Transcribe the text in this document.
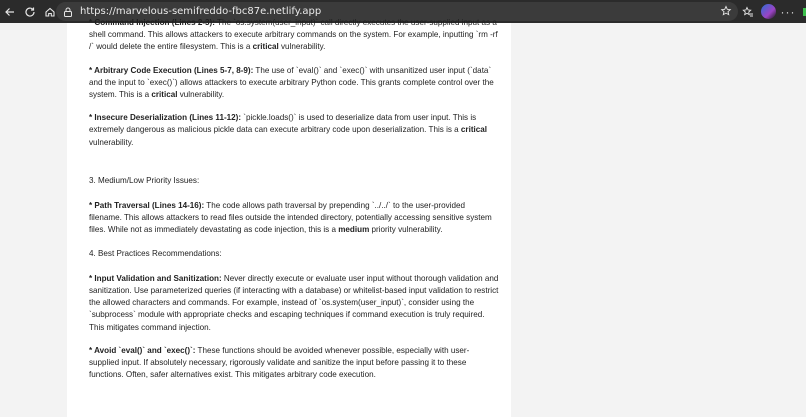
https://marvelous-semifreddo-fbc87e.netlify.app	···

* Command Injection (Lines 2-3): The `os.system(user_input)` call directly executes the user-supplied input as a shell command. This allows attackers to execute arbitrary commands on the system. For example, inputting `rm -rf /` would delete the entire filesystem. This is a critical vulnerability.

* Arbitrary Code Execution (Lines 5-7, 8-9): The use of `eval()` and `exec()` with unsanitized user input (`data` and the input to `exec()`) allows attackers to execute arbitrary Python code. This grants complete control over the system. This is a critical vulnerability.

* Insecure Deserialization (Lines 11-12): `pickle.loads()` is used to deserialize data from user input. This is extremely dangerous as malicious pickle data can execute arbitrary code upon deserialization. This is a critical vulnerability.

3. Medium/Low Priority Issues:

* Path Traversal (Lines 14-16): The code allows path traversal by prepending `../../` to the user-provided filename. This allows attackers to read files outside the intended directory, potentially accessing sensitive system files. While not as immediately devastating as code injection, this is a medium priority vulnerability.

4. Best Practices Recommendations:

* Input Validation and Sanitization: Never directly execute or evaluate user input without thorough validation and sanitization. Use parameterized queries (if interacting with a database) or whitelist-based input validation to restrict the allowed characters and commands. For example, instead of `os.system(user_input)`, consider using the `subprocess` module with appropriate checks and escaping techniques if command execution is truly required. This mitigates command injection.

* Avoid `eval()` and `exec()`: These functions should be avoided whenever possible, especially with user-supplied input. If absolutely necessary, rigorously validate and sanitize the input before passing it to these functions. Often, safer alternatives exist. This mitigates arbitrary code execution.
